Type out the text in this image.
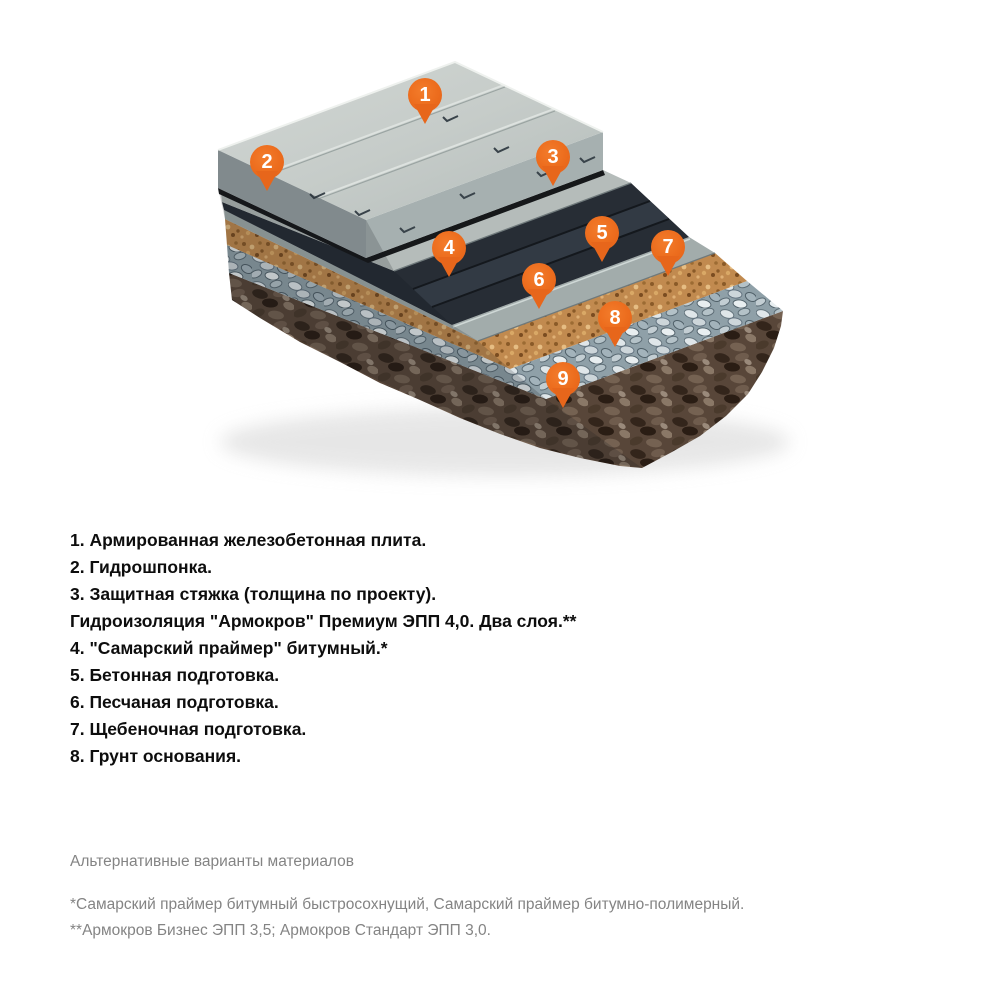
1
2	3
4
5
6
7
8
9
1. Армированная железобетонная плита.
2. Гидрошпонка.
3. Защитная стяжка (толщина по проекту).
Гидроизоляция "Армокров" Премиум ЭПП 4,0. Два слоя.**
4. "Самарский праймер" битумный.*
5. Бетонная подготовка.
6. Песчаная подготовка.
7. Щебеночная подготовка.
8. Грунт основания.
Альтернативные варианты материалов
*Самарский праймер битумный быстросохнущий, Самарский праймер битумно-полимерный.
**Армокров Бизнес ЭПП 3,5; Армокров Стандарт ЭПП 3,0.
